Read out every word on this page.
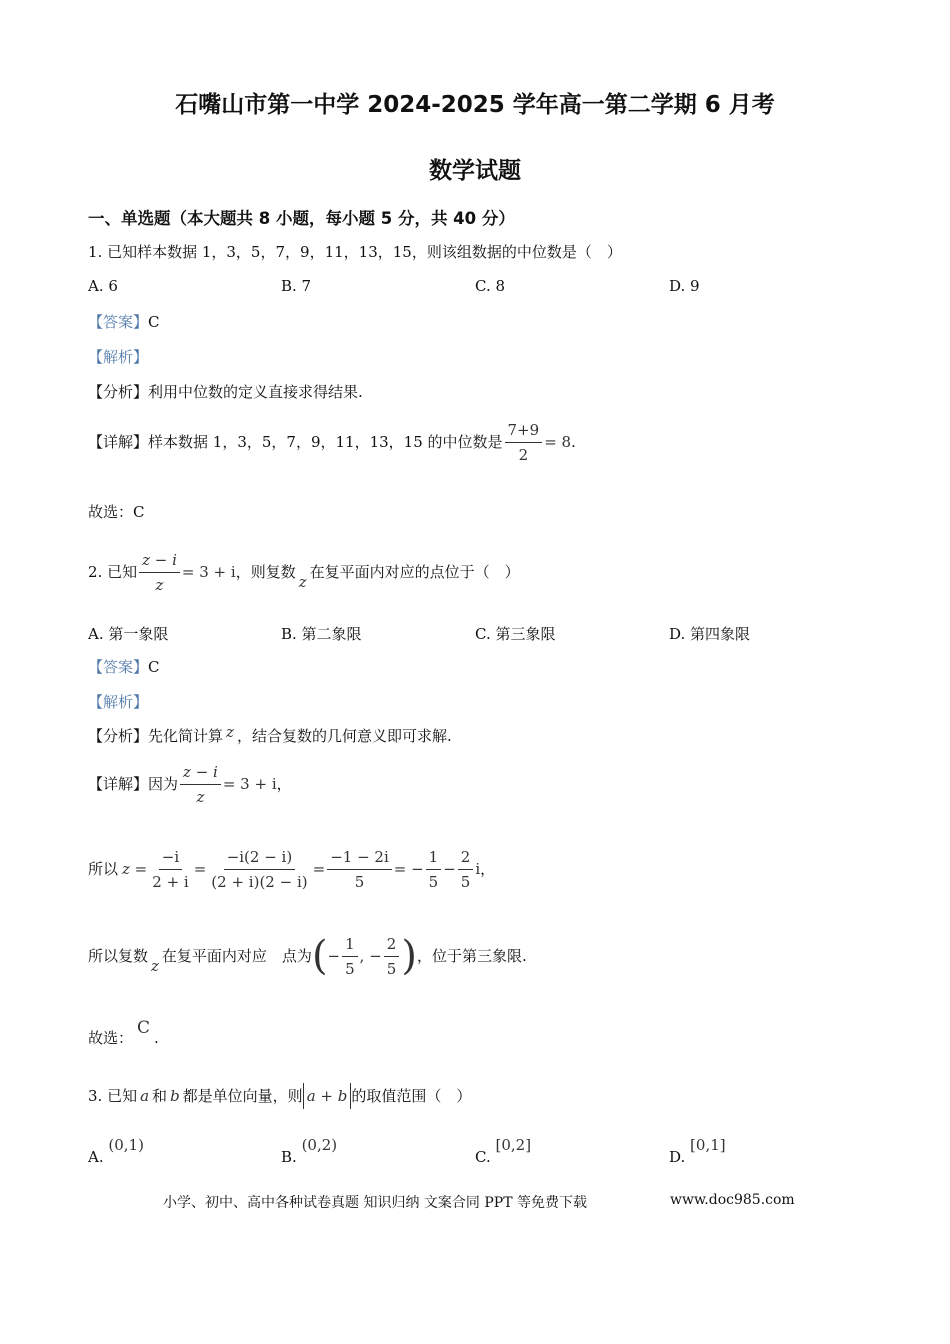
石嘴山市第一中学 2024-2025 学年高一第二学期 6 月考
数学试题
一、单选题（本大题共 8 小题，每小题 5 分，共 40 分）
1. 已知样本数据 1，3，5，7，9，11，13，15，则该组数据的中位数是（　）
A. 6	B. 7	C. 8	D. 9
【答案】C
【解析】
【分析】利用中位数的定义直接求得结果.
【详解】 样本数据 1，3，5，7，9，11，13，15 的中位数是 $\frac{7+9}{2} = 8$ .
故选：C
2. 已知 $\frac{z - i}{z} = 3 + i$ ，则复数
z
在复平面内对应的点位于（　）
A. 第一象限	B. 第二象限	C. 第三象限	D. 第四象限
【答案】C
【解析】
【分析】先化简计算 z ，结合复数的几何意义即可求解.
【详解】 因为 $\frac{z - i}{z} = 3 + i$ ，
所以 $z = \frac{-i}{2 + i} = \frac{-i(2 - i)}{(2 + i)(2 - i)} = \frac{-1 - 2i}{5}$ = − $\frac{1}{5} - \frac{2}{5}$ i ，
所以复数
z
在复平面内对应　点为 ( − $\frac{1}{5}$ , − $\frac{2}{5}$ ) ，位于第三象限.
故选： C .
3. 已知 a 和 b 都是单位向量，则 a + b 的取值范围（　）
A. (0,1)
B. (0,2)
C. [0,2]
D. [0,1]
小学、初中、高中各种试卷真题 知识归纳 文案合同 PPT 等免费下载	www.doc985.com
